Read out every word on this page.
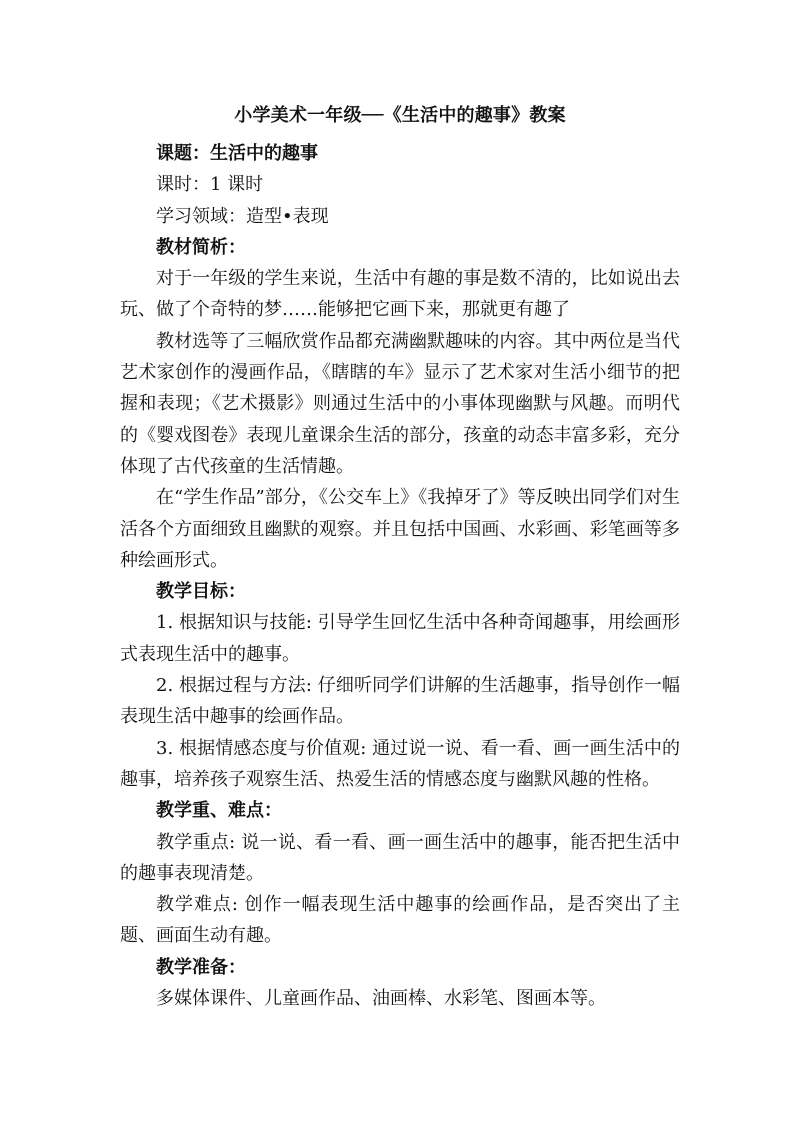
小学美术一年级──《生活中的趣事》教案

课题：生活中的趣事

课时：1 课时

学习领域：造型•表现

教材简析：

对于一年级的学生来说，生活中有趣的事是数不清的，比如说出去玩、做了个奇特的梦……能够把它画下来，那就更有趣了

教材选等了三幅欣赏作品都充满幽默趣味的内容。其中两位是当代艺术家创作的漫画作品，《瞎瞎的车》显示了艺术家对生活小细节的把握和表现；《艺术摄影》则通过生活中的小事体现幽默与风趣。而明代的《婴戏图卷》表现儿童课余生活的部分，孩童的动态丰富多彩，充分体现了古代孩童的生活情趣。

在“学生作品”部分，《公交车上》《我掉牙了》等反映出同学们对生活各个方面细致且幽默的观察。并且包括中国画、水彩画、彩笔画等多种绘画形式。

教学目标：

1. 根据知识与技能: 引导学生回忆生活中各种奇闻趣事，用绘画形式表现生活中的趣事。

2. 根据过程与方法: 仔细听同学们讲解的生活趣事，指导创作一幅表现生活中趣事的绘画作品。

3. 根据情感态度与价值观: 通过说一说、看一看、画一画生活中的趣事，培养孩子观察生活、热爱生活的情感态度与幽默风趣的性格。

教学重、难点：

教学重点: 说一说、看一看、画一画生活中的趣事，能否把生活中的趣事表现清楚。

教学难点: 创作一幅表现生活中趣事的绘画作品，是否突出了主题、画面生动有趣。

教学准备：

多媒体课件、儿童画作品、油画棒、水彩笔、图画本等。
